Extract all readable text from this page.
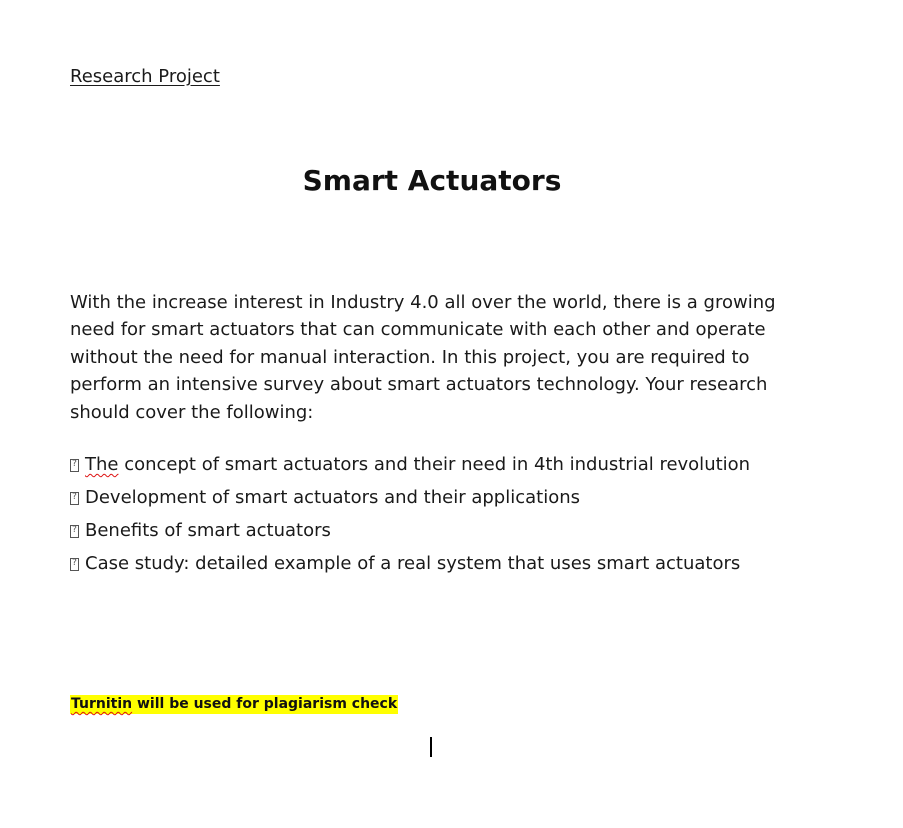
Research Project
Smart Actuators

With the increase interest in Industry 4.0 all over the world, there is a growing need for smart actuators that can communicate with each other and operate without the need for manual interaction. In this project, you are required to perform an intensive survey about smart actuators technology. Your research should cover the following:

?
The concept of smart actuators and their need in 4th industrial revolution
?
Development of smart actuators and their applications
?
Benefits of smart actuators
?
Case study: detailed example of a real system that uses smart actuators
Turnitin will be used for plagiarism check
